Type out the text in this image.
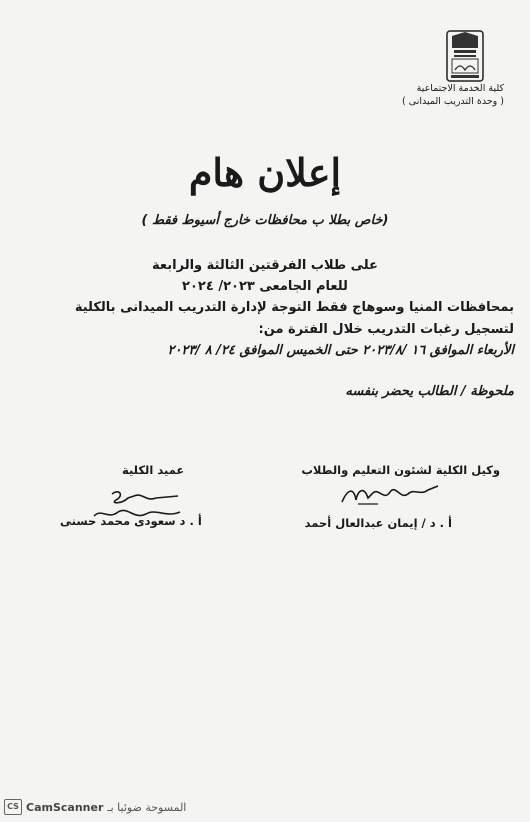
كلية الخدمة الاجتماعية
( وحدة التدريب الميدانى )
إعلان هام
(خاص بطلا ب محافظات خارج أسيوط فقط )
على طلاب الفرقتين الثالثة والرابعة
للعام الجامعى ٢٠٢٣/ ٢٠٢٤
بمحافظات المنيا وسوهاج فقط التوجة لإدارة التدريب الميدانى بالكلية
لتسجيل رغبات التدريب خلال الفترة من:
الأربعاء الموافق ١٦ /٢٠٢٣/٨ حتى الخميس الموافق ٢٤/ ٨ /٢٠٢٣
ملحوظة / الطالب يحضر بنفسه
وكيل الكلية لشئون التعليم والطلاب
أ . د / إيمان عبدالعال أحمد
عميد الكلية
أ . د سعودى محمد حسنى
CS CamScanner المسوحة ضوئيا بـ
